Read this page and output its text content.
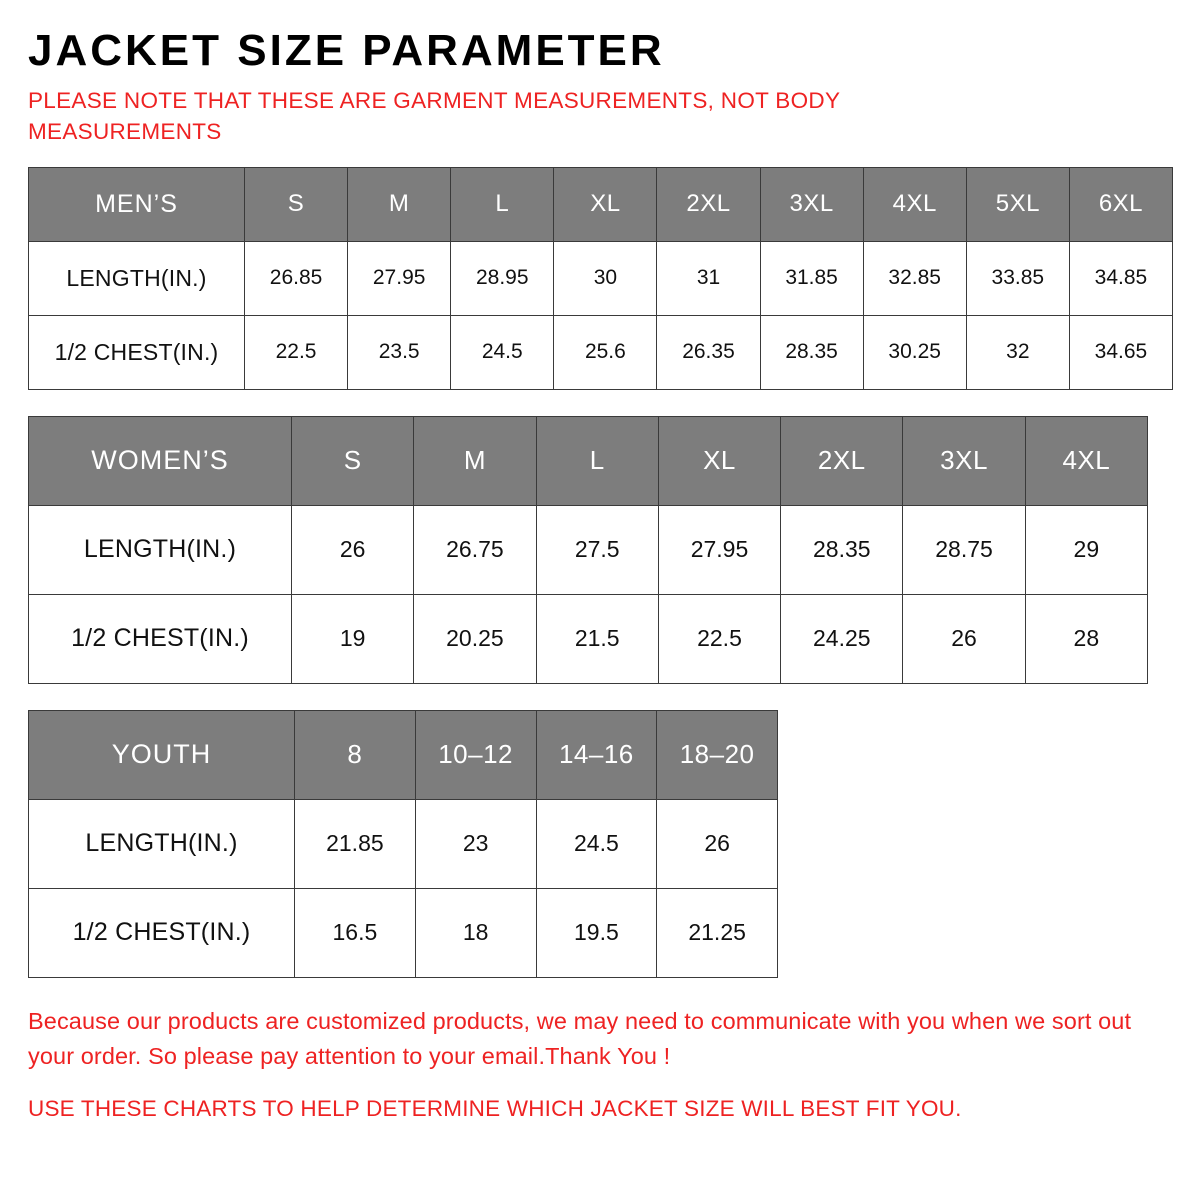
JACKET SIZE PARAMETER
PLEASE NOTE THAT THESE ARE GARMENT MEASUREMENTS, NOT BODY MEASUREMENTS
MEN’S	S	M	L	XL	2XL	3XL	4XL	5XL	6XL
LENGTH(IN.)	26.85	27.95	28.95	30	31	31.85	32.85	33.85	34.85
1/2 CHEST(IN.)	22.5	23.5	24.5	25.6	26.35	28.35	30.25	32	34.65
WOMEN’S	S	M	L	XL	2XL	3XL	4XL
LENGTH(IN.)	26	26.75	27.5	27.95	28.35	28.75	29
1/2 CHEST(IN.)	19	20.25	21.5	22.5	24.25	26	28
YOUTH	8	10–12	14–16	18–20
LENGTH(IN.)	21.85	23	24.5	26
1/2 CHEST(IN.)	16.5	18	19.5	21.25
Because our products are customized products, we may need to communicate with you when we sort out your order. So please pay attention to your email.Thank You !
USE THESE CHARTS TO HELP DETERMINE WHICH JACKET SIZE WILL BEST FIT YOU.
